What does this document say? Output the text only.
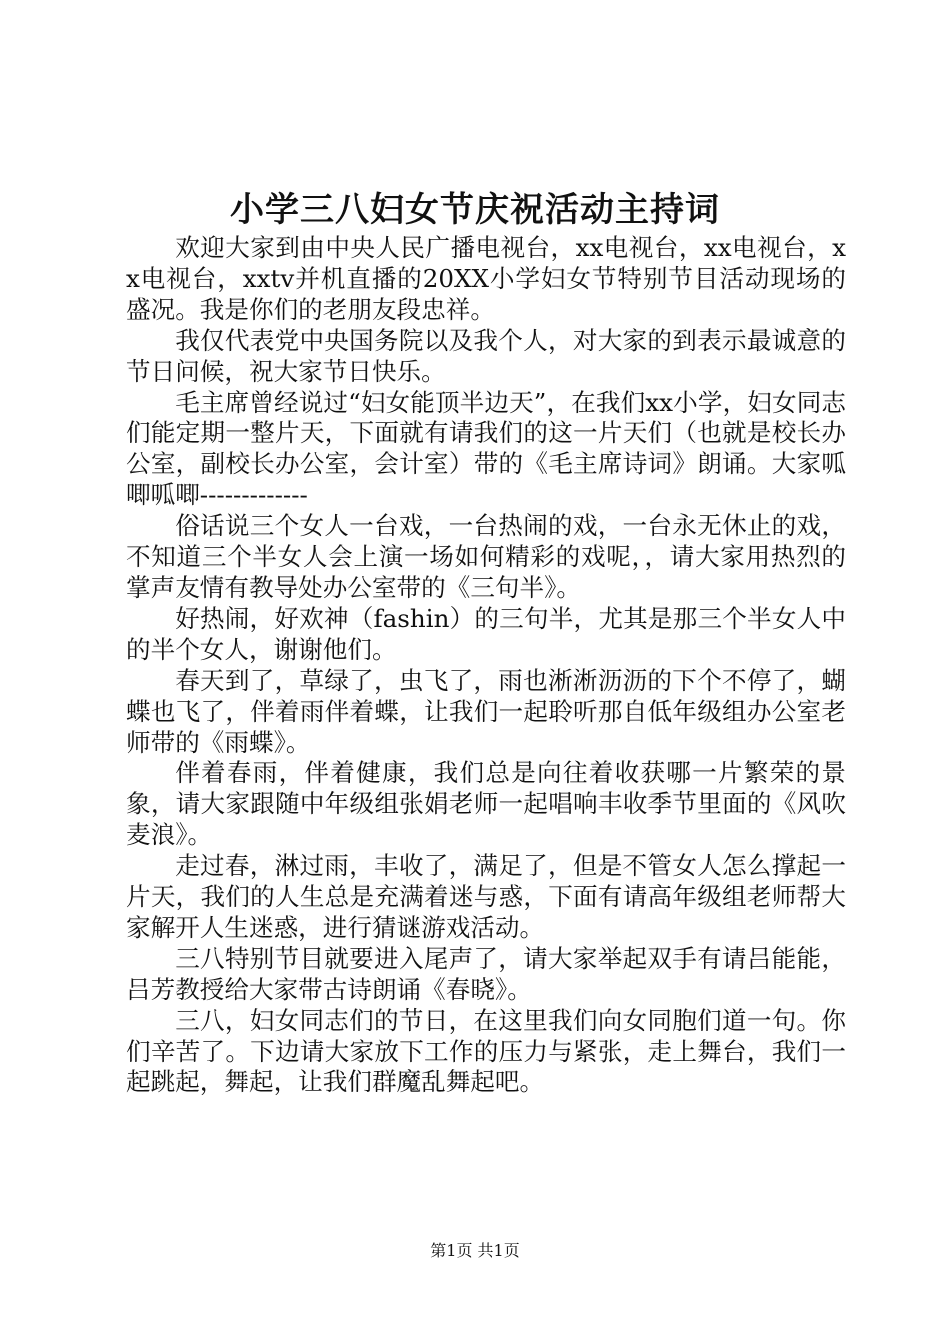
小学三八妇女节庆祝活动主持词

欢迎大家到由中央人民广播电视台，xx电视台，xx电视台，xx电视台，xxtv并机直播的20XX小学妇女节特别节目活动现场的盛况。我是你们的老朋友段忠祥。

我仅代表党中央国务院以及我个人，对大家的到表示最诚意的节日问候，祝大家节日快乐。

毛主席曾经说过“妇女能顶半边天”，在我们xx小学，妇女同志们能定期一整片天，下面就有请我们的这一片天们（也就是校长办公室，副校长办公室，会计室）带的《毛主席诗词》朗诵。大家呱唧呱唧-------------

俗话说三个女人一台戏，一台热闹的戏，一台永无休止的戏，不知道三个半女人会上演一场如何精彩的戏呢，，请大家用热烈的掌声友情有教导处办公室带的《三句半》。

好热闹，好欢神（fashin）的三句半，尤其是那三个半女人中的半个女人，谢谢他们。

春天到了，草绿了，虫飞了，雨也淅淅沥沥的下个不停了，蝴蝶也飞了，伴着雨伴着蝶，让我们一起聆听那自低年级组办公室老师带的《雨蝶》。

伴着春雨，伴着健康，我们总是向往着收获哪一片繁荣的景象，请大家跟随中年级组张娟老师一起唱响丰收季节里面的《风吹麦浪》。

走过春，淋过雨，丰收了，满足了，但是不管女人怎么撑起一片天，我们的人生总是充满着迷与惑，下面有请高年级组老师帮大家解开人生迷惑，进行猜谜游戏活动。

三八特别节目就要进入尾声了，请大家举起双手有请吕能能，吕芳教授给大家带古诗朗诵《春晓》。

三八，妇女同志们的节日，在这里我们向女同胞们道一句。你们辛苦了。下边请大家放下工作的压力与紧张，走上舞台，我们一起跳起，舞起，让我们群魔乱舞起吧。

第1页 共1页
